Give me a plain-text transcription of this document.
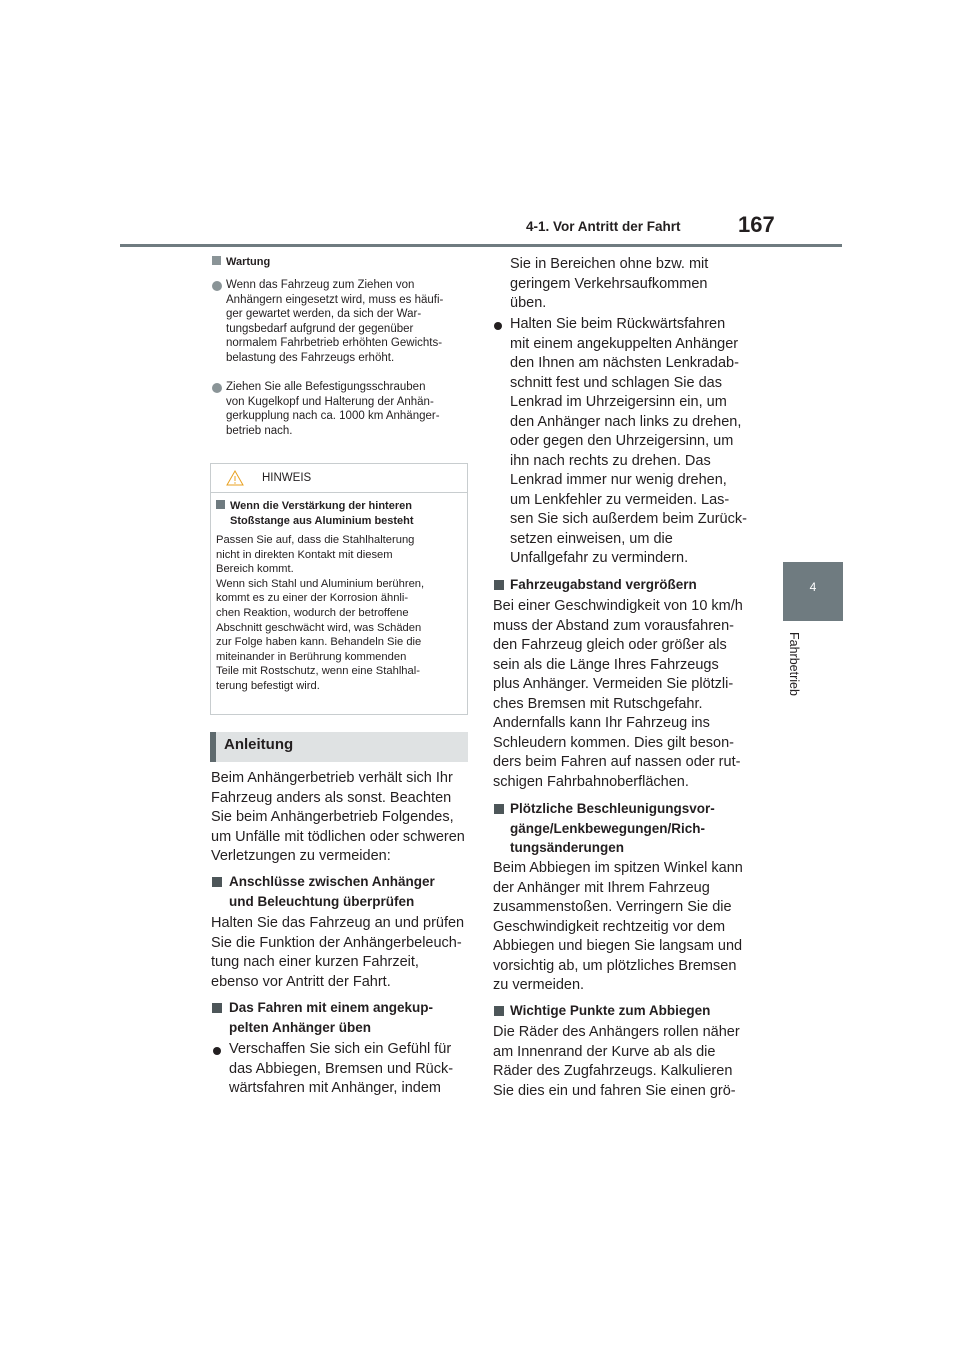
4-1. Vor Antritt der Fahrt	167
4
Fahrbetrieb
Wartung
Wenn das Fahrzeug zum Ziehen von
Anhängern eingesetzt wird, muss es häufi-
ger gewartet werden, da sich der War-
tungsbedarf aufgrund der gegenüber
normalem Fahrbetrieb erhöhten Gewichts-
belastung des Fahrzeugs erhöht.
Ziehen Sie alle Befestigungsschrauben
von Kugelkopf und Halterung der Anhän-
gerkupplung nach ca. 1000 km Anhänger-
betrieb nach.
HINWEIS
Wenn die Verstärkung der hinteren
Stoßstange aus Aluminium besteht
Passen Sie auf, dass die Stahlhalterung
nicht in direkten Kontakt mit diesem
Bereich kommt.
Wenn sich Stahl und Aluminium berühren,
kommt es zu einer der Korrosion ähnli-
chen Reaktion, wodurch der betroffene
Abschnitt geschwächt wird, was Schäden
zur Folge haben kann. Behandeln Sie die
miteinander in Berührung kommenden
Teile mit Rostschutz, wenn eine Stahlhal-
terung befestigt wird.
Anleitung
Beim Anhängerbetrieb verhält sich Ihr
Fahrzeug anders als sonst. Beachten
Sie beim Anhängerbetrieb Folgendes,
um Unfälle mit tödlichen oder schweren
Verletzungen zu vermeiden:
Anschlüsse zwischen Anhänger
und Beleuchtung überprüfen
Halten Sie das Fahrzeug an und prüfen
Sie die Funktion der Anhängerbeleuch-
tung nach einer kurzen Fahrzeit,
ebenso vor Antritt der Fahrt.
Das Fahren mit einem angekup-
pelten Anhänger üben
Verschaffen Sie sich ein Gefühl für
das Abbiegen, Bremsen und Rück-
wärtsfahren mit Anhänger, indem
Sie in Bereichen ohne bzw. mit
geringem Verkehrsaufkommen
üben.
Halten Sie beim Rückwärtsfahren
mit einem angekuppelten Anhänger
den Ihnen am nächsten Lenkradab-
schnitt fest und schlagen Sie das
Lenkrad im Uhrzeigersinn ein, um
den Anhänger nach links zu drehen,
oder gegen den Uhrzeigersinn, um
ihn nach rechts zu drehen. Das
Lenkrad immer nur wenig drehen,
um Lenkfehler zu vermeiden. Las-
sen Sie sich außerdem beim Zurück-
setzen einweisen, um die
Unfallgefahr zu vermindern.
Fahrzeugabstand vergrößern
Bei einer Geschwindigkeit von 10 km/h
muss der Abstand zum vorausfahren-
den Fahrzeug gleich oder größer als
sein als die Länge Ihres Fahrzeugs
plus Anhänger. Vermeiden Sie plötzli-
ches Bremsen mit Rutschgefahr.
Andernfalls kann Ihr Fahrzeug ins
Schleudern kommen. Dies gilt beson-
ders beim Fahren auf nassen oder rut-
schigen Fahrbahnoberflächen.
Plötzliche Beschleunigungsvor-
gänge/Lenkbewegungen/Rich-
tungsänderungen
Beim Abbiegen im spitzen Winkel kann
der Anhänger mit Ihrem Fahrzeug
zusammenstoßen. Verringern Sie die
Geschwindigkeit rechtzeitig vor dem
Abbiegen und biegen Sie langsam und
vorsichtig ab, um plötzliches Bremsen
zu vermeiden.
Wichtige Punkte zum Abbiegen
Die Räder des Anhängers rollen näher
am Innenrand der Kurve ab als die
Räder des Zugfahrzeugs. Kalkulieren
Sie dies ein und fahren Sie einen grö-
